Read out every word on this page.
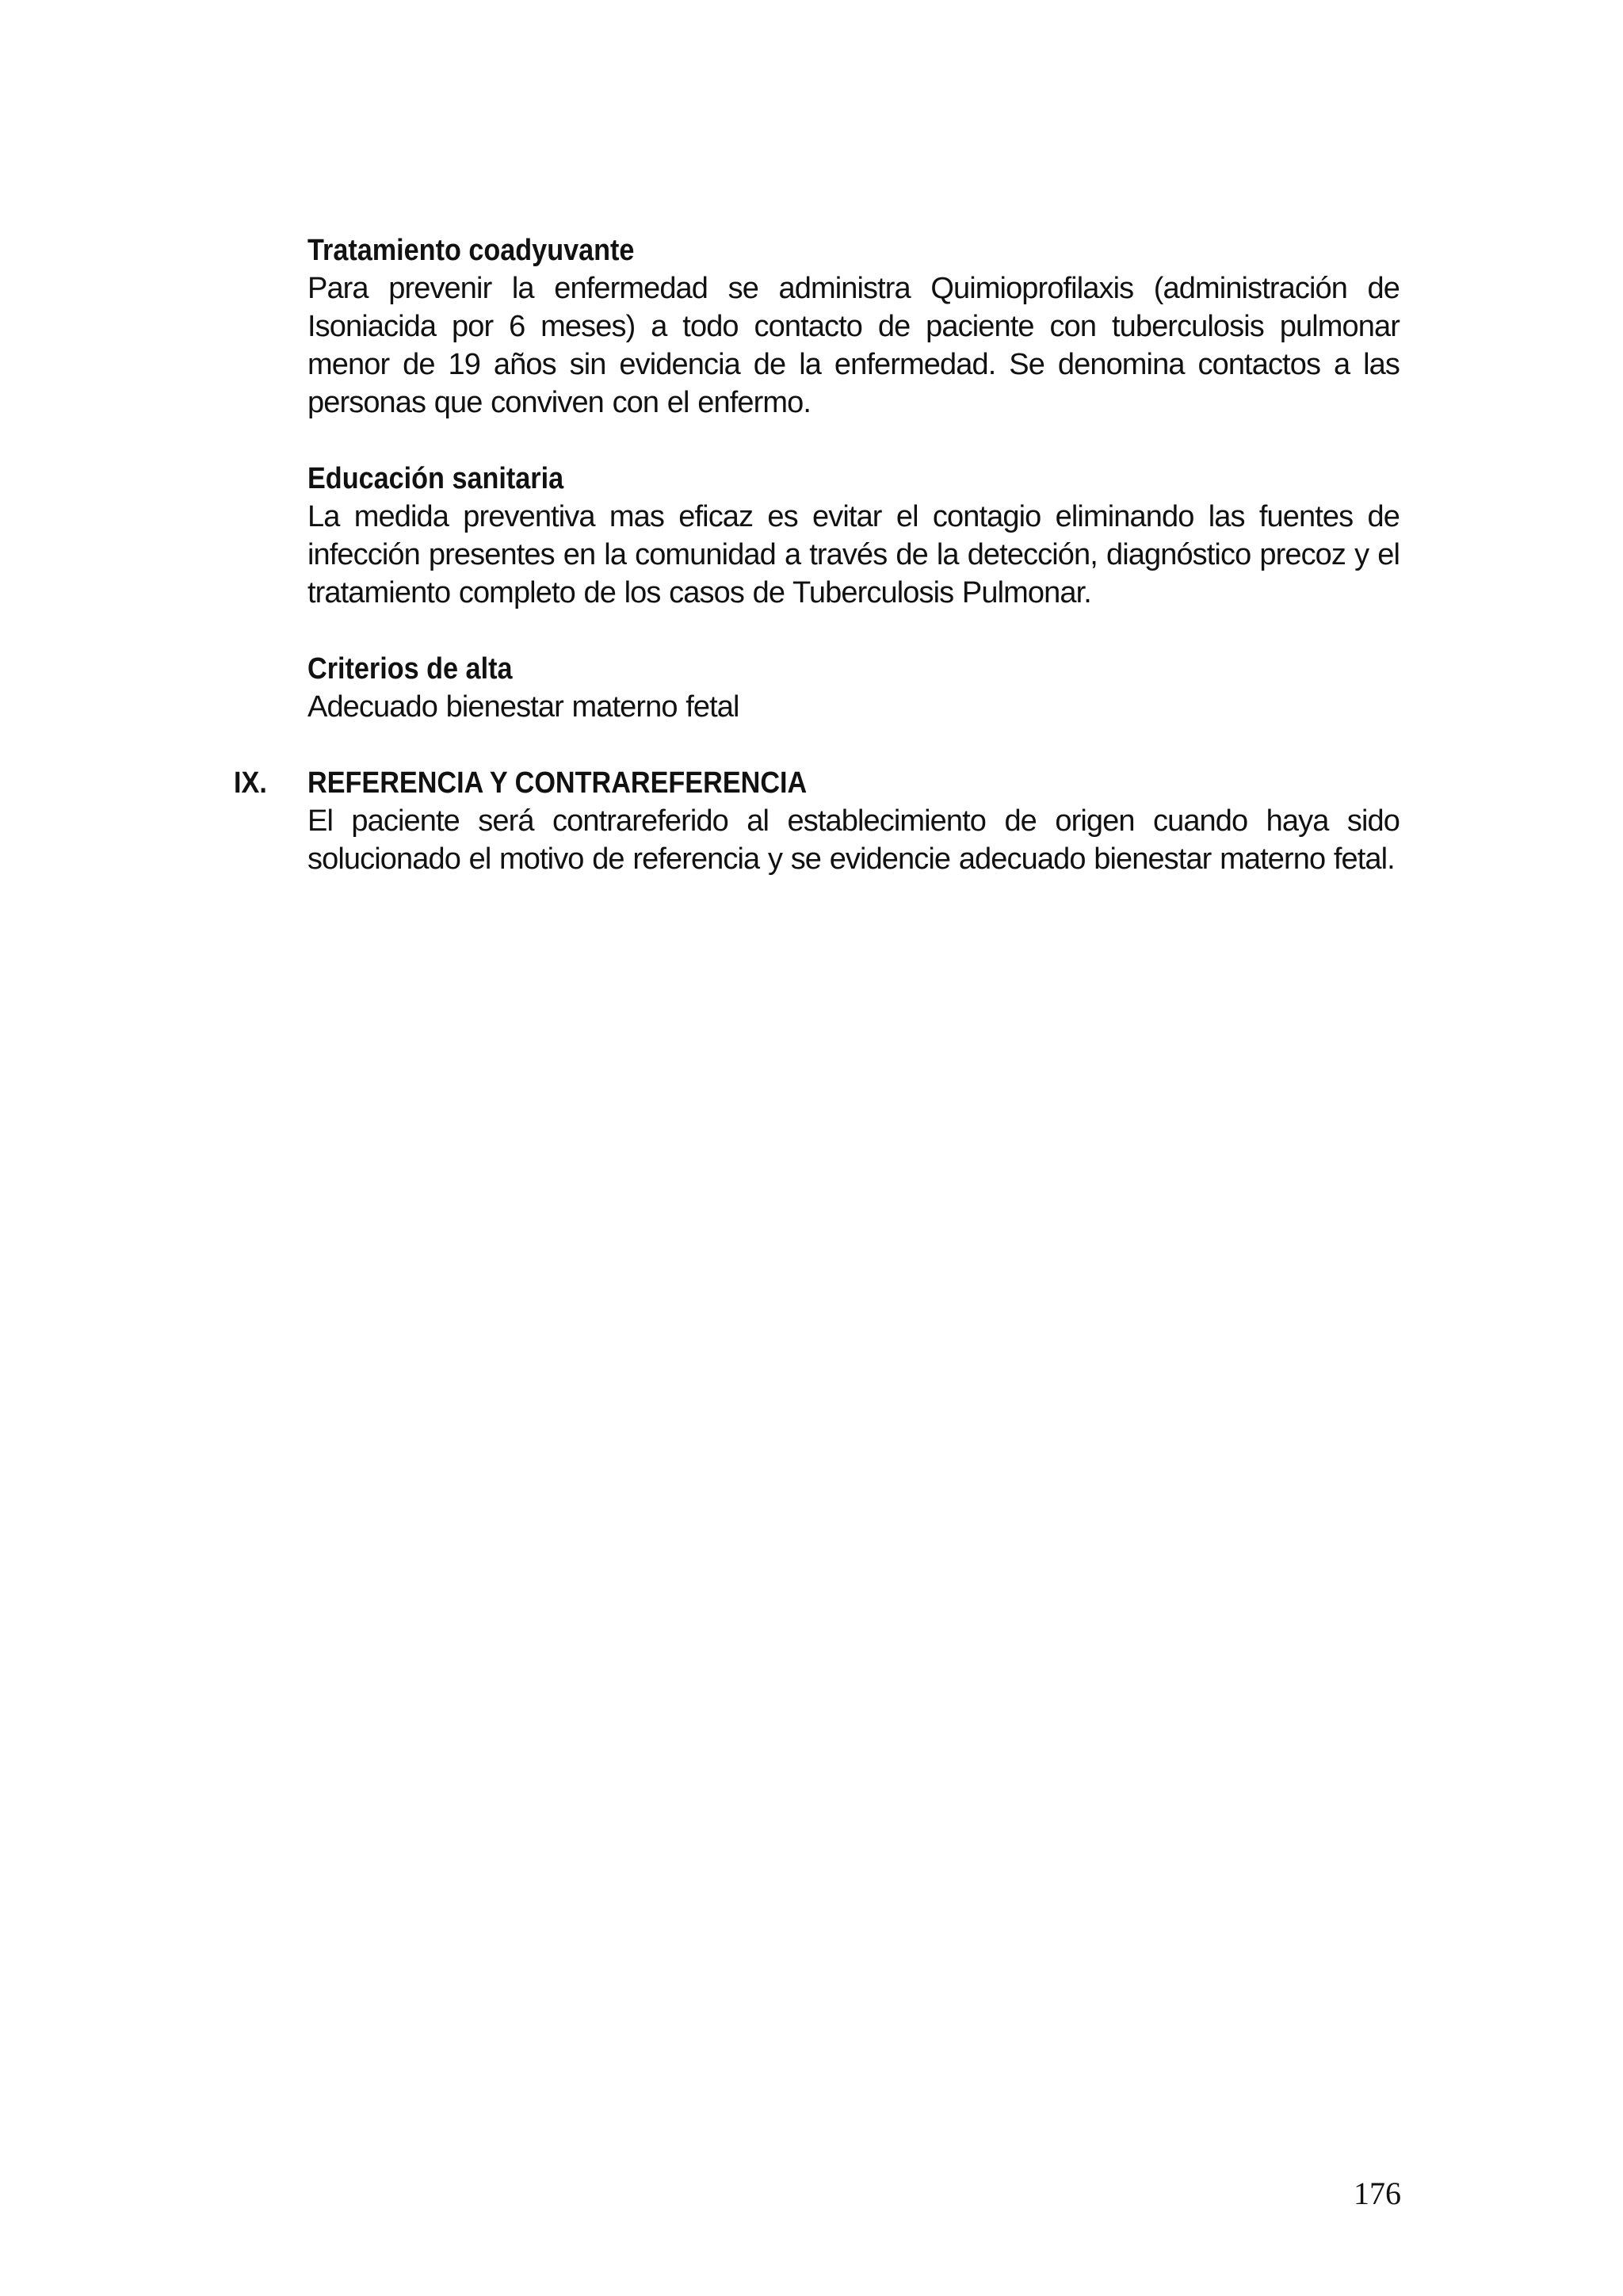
Tratamiento coadyuvante

Para prevenir la enfermedad se administra Quimioprofilaxis (administración de Isoniacida por 6 meses) a todo contacto de paciente con tuberculosis pulmonar menor de 19 años sin evidencia de la enfermedad. Se denomina contactos a las personas que conviven con el enfermo.

Educación sanitaria

La medida preventiva mas eficaz es evitar el contagio eliminando las fuentes de infección presentes en la comunidad a través de la detección, diagnóstico precoz y el tratamiento completo de los casos de Tuberculosis Pulmonar.

Criterios de alta

Adecuado bienestar materno fetal

IX. REFERENCIA Y CONTRAREFERENCIA

El paciente será contrareferido al establecimiento de origen cuando haya sido solucionado el motivo de referencia y se evidencie adecuado bienestar materno fetal.

176
